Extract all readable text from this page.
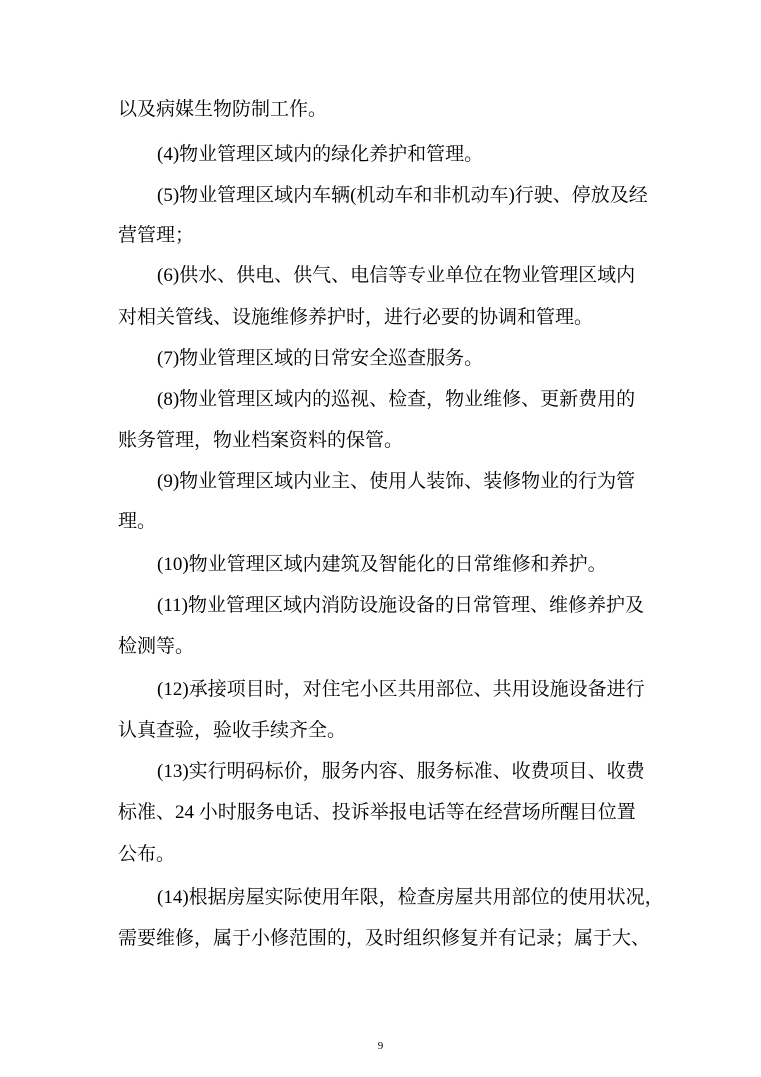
以及病媒生物防制工作。
(4)物业管理区域内的绿化养护和管理。
(5)物业管理区域内车辆(机动车和非机动车)行驶、停放及经
营管理；
(6)供水、供电、供气、电信等专业单位在物业管理区域内
对相关管线、设施维修养护时，进行必要的协调和管理。
(7)物业管理区域的日常安全巡查服务。
(8)物业管理区域内的巡视、检查，物业维修、更新费用的
账务管理，物业档案资料的保管。
(9)物业管理区域内业主、使用人装饰、装修物业的行为管
理。
(10)物业管理区域内建筑及智能化的日常维修和养护。
(11)物业管理区域内消防设施设备的日常管理、维修养护及
检测等。
(12)承接项目时，对住宅小区共用部位、共用设施设备进行
认真查验，验收手续齐全。
(13)实行明码标价，服务内容、服务标准、收费项目、收费
标准、24 小时服务电话、投诉举报电话等在经营场所醒目位置
公布。
(14)根据房屋实际使用年限，检查房屋共用部位的使用状况，
需要维修，属于小修范围的，及时组织修复并有记录；属于大、
9
